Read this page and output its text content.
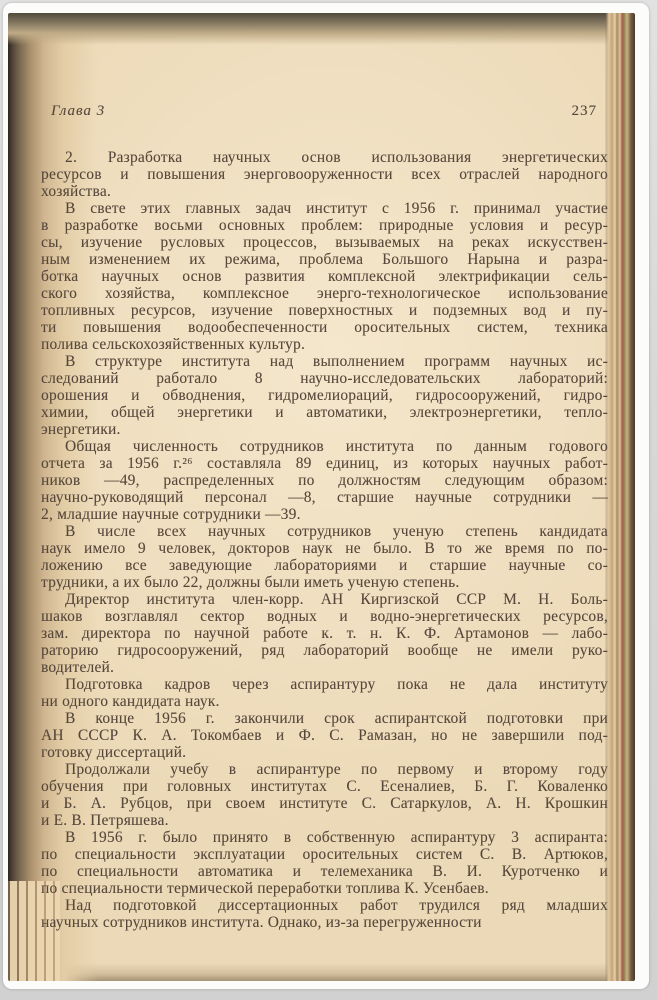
Глава 3	237
2. Разработка научных основ использования энергетических
ресурсов и повышения энерговооруженности всех отраслей народного
хозяйства.
В свете этих главных задач институт с 1956 г. принимал участие
в разработке восьми основных проблем: природные условия и ресур-
сы, изучение русловых процессов, вызываемых на реках искусствен-
ным изменением их режима, проблема Большого Нарына и разра-
ботка научных основ развития комплексной электрификации сель-
ского хозяйства, комплексное энерго-технологическое использование
топливных ресурсов, изучение поверхностных и подземных вод и пу-
ти повышения водообеспеченности оросительных систем, техника
полива сельскохозяйственных культур.
В структуре института над выполнением программ научных ис-
следований работало 8 научно-исследовательских лабораторий:
орошения и обводнения, гидромелиораций, гидросооружений, гидро-
химии, общей энергетики и автоматики, электроэнергетики, тепло-
энергетики.
Общая численность сотрудников института по данным годового
отчета за 1956 г.²⁶ составляла 89 единиц, из которых научных работ-
ников —49, распределенных по должностям следующим образом:
научно-руководящий персонал —8, старшие научные сотрудники —
2, младшие научные сотрудники —39.
В числе всех научных сотрудников ученую степень кандидата
наук имело 9 человек, докторов наук не было. В то же время по по-
ложению все заведующие лабораториями и старшие научные со-
трудники, а их было 22, должны были иметь ученую степень.
Директор института член-корр. АН Киргизской ССР М. Н. Боль-
шаков возглавлял сектор водных и водно-энергетических ресурсов,
зам. директора по научной работе к. т. н. К. Ф. Артамонов — лабо-
раторию гидросооружений, ряд лабораторий вообще не имели руко-
водителей.
Подготовка кадров через аспирантуру пока не дала институту
ни одного кандидата наук.
В конце 1956 г. закончили срок аспирантской подготовки при
АН СССР К. А. Токомбаев и Ф. С. Рамазан, но не завершили под-
готовку диссертаций.
Продолжали учебу в аспирантуре по первому и второму году
обучения при головных институтах С. Есеналиев, Б. Г. Коваленко
и Б. А. Рубцов, при своем институте С. Сатаркулов, А. Н. Крошкин
и Е. В. Петряшева.
В 1956 г. было принято в собственную аспирантуру 3 аспиранта:
по специальности эксплуатации оросительных систем С. В. Артюков,
по специальности автоматика и телемеханика В. И. Куротченко и
по специальности термической переработки топлива К. Усенбаев.
Над подготовкой диссертационных работ трудился ряд младших
научных сотрудников института. Однако, из-за перегруженности
